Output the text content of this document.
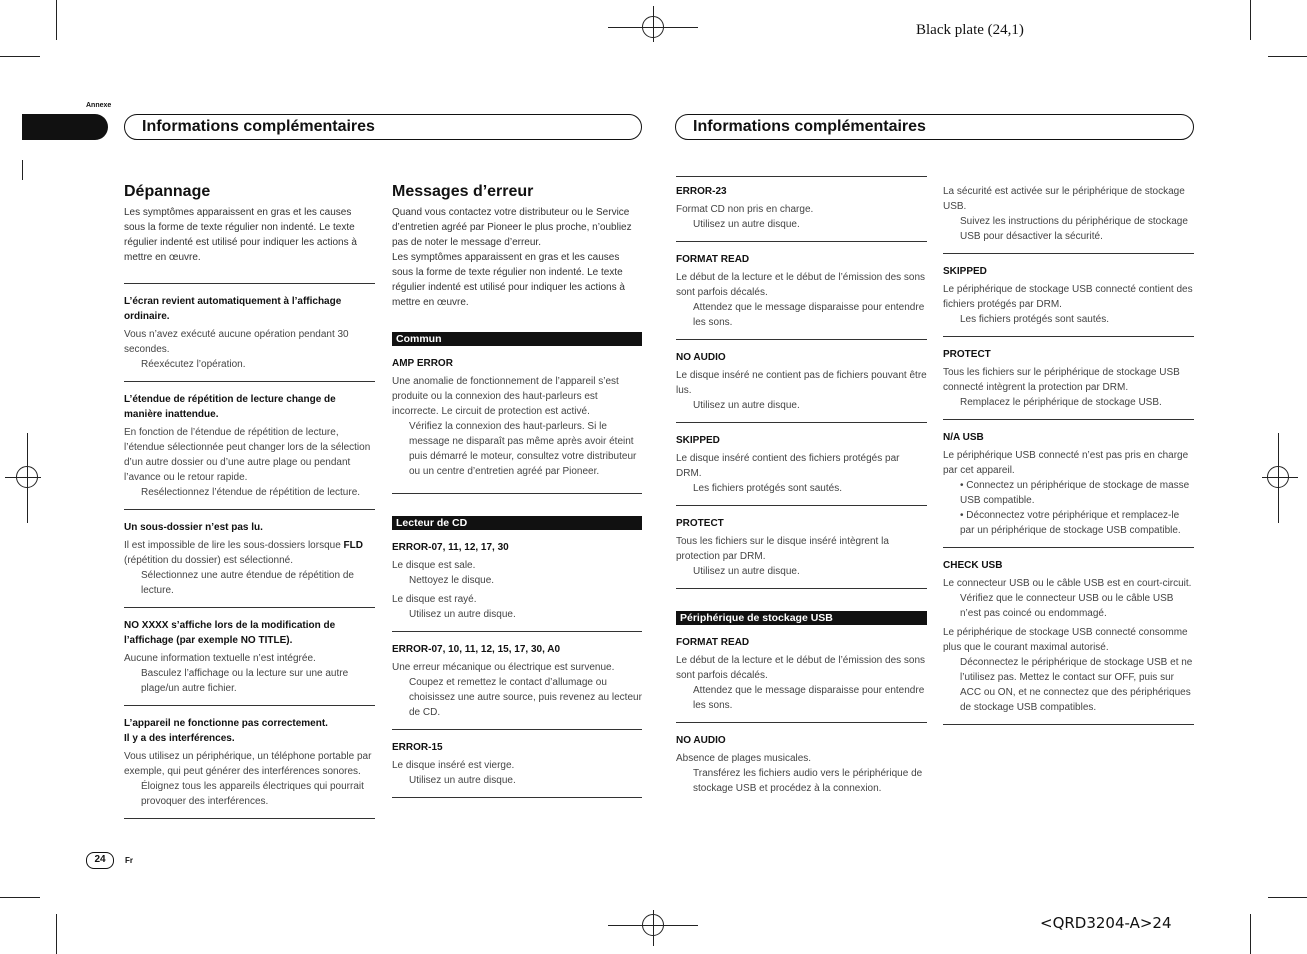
Black plate (24,1)
Annexe
Informations complémentaires	Informations complémentaires
Dépannage
Les symptômes apparaissent en gras et les causes sous la forme de texte régulier non indenté. Le texte régulier indenté est utilisé pour indiquer les actions à mettre en œuvre.
L’écran revient automatiquement à l’affichage ordinaire.
Vous n’avez exécuté aucune opération pendant 30 secondes.
Réexécutez l’opération.
L’étendue de répétition de lecture change de manière inattendue.
En fonction de l’étendue de répétition de lecture, l’étendue sélectionnée peut changer lors de la sélection d’un autre dossier ou d’une autre plage ou pendant l’avance ou le retour rapide.
Resélectionnez l’étendue de répétition de lecture.
Un sous-dossier n’est pas lu.
Il est impossible de lire les sous-dossiers lorsque FLD (répétition du dossier) est sélectionné.
Sélectionnez une autre étendue de répétition de lecture.
NO XXXX s’affiche lors de la modification de l’affichage (par exemple NO TITLE).
Aucune information textuelle n’est intégrée.
Basculez l’affichage ou la lecture sur une autre plage/un autre fichier.
L’appareil ne fonctionne pas correctement.
Il y a des interférences.
Vous utilisez un périphérique, un téléphone portable par exemple, qui peut générer des interférences sonores.
Éloignez tous les appareils électriques qui pourrait provoquer des interférences.
Messages d’erreur
Quand vous contactez votre distributeur ou le Service d’entretien agréé par Pioneer le plus proche, n’oubliez pas de noter le message d’erreur.
Les symptômes apparaissent en gras et les causes sous la forme de texte régulier non indenté. Le texte régulier indenté est utilisé pour indiquer les actions à mettre en œuvre.
Commun
AMP ERROR
Une anomalie de fonctionnement de l’appareil s’est produite ou la connexion des haut-parleurs est incorrecte. Le circuit de protection est activé.
Vérifiez la connexion des haut-parleurs. Si le message ne disparaît pas même après avoir éteint puis démarré le moteur, consultez votre distributeur ou un centre d’entretien agréé par Pioneer.
Lecteur de CD
ERROR-07, 11, 12, 17, 30
Le disque est sale.
Nettoyez le disque.
Le disque est rayé.
Utilisez un autre disque.
ERROR-07, 10, 11, 12, 15, 17, 30, A0
Une erreur mécanique ou électrique est survenue.
Coupez et remettez le contact d’allumage ou choisissez une autre source, puis revenez au lecteur de CD.
ERROR-15
Le disque inséré est vierge.
Utilisez un autre disque.
ERROR-23
Format CD non pris en charge.
Utilisez un autre disque.
FORMAT READ
Le début de la lecture et le début de l’émission des sons sont parfois décalés.
Attendez que le message disparaisse pour entendre les sons.
NO AUDIO
Le disque inséré ne contient pas de fichiers pouvant être lus.
Utilisez un autre disque.
SKIPPED
Le disque inséré contient des fichiers protégés par DRM.
Les fichiers protégés sont sautés.
PROTECT
Tous les fichiers sur le disque inséré intègrent la protection par DRM.
Utilisez un autre disque.
Périphérique de stockage USB
FORMAT READ
Le début de la lecture et le début de l’émission des sons sont parfois décalés.
Attendez que le message disparaisse pour entendre les sons.
NO AUDIO
Absence de plages musicales.
Transférez les fichiers audio vers le périphérique de stockage USB et procédez à la connexion.
La sécurité est activée sur le périphérique de stockage USB.
Suivez les instructions du périphérique de stockage USB pour désactiver la sécurité.
SKIPPED
Le périphérique de stockage USB connecté contient des fichiers protégés par DRM.
Les fichiers protégés sont sautés.
PROTECT
Tous les fichiers sur le périphérique de stockage USB connecté intègrent la protection par DRM.
Remplacez le périphérique de stockage USB.
N/A USB
Le périphérique USB connecté n’est pas pris en charge par cet appareil.
• Connectez un périphérique de stockage de masse USB compatible.
• Déconnectez votre périphérique et remplacez-le par un périphérique de stockage USB compatible.
CHECK USB
Le connecteur USB ou le câble USB est en court-circuit.
Vérifiez que le connecteur USB ou le câble USB n’est pas coincé ou endommagé.
Le périphérique de stockage USB connecté consomme plus que le courant maximal autorisé.
Déconnectez le périphérique de stockage USB et ne l’utilisez pas. Mettez le contact sur OFF, puis sur ACC ou ON, et ne connectez que des périphériques de stockage USB compatibles.
24	Fr
<QRD3204-A>24
